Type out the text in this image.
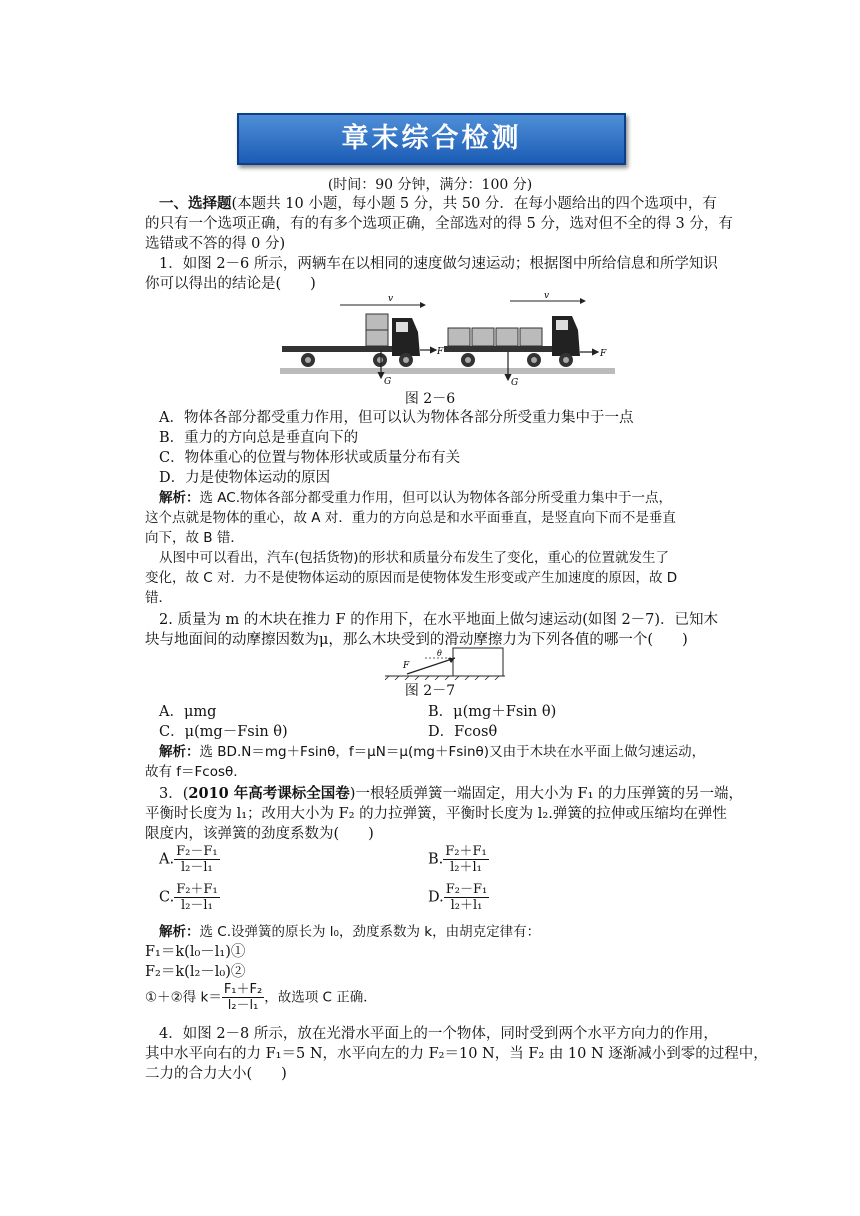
章末综合检测
(时间：90 分钟，满分：100 分)
一、选择题(本题共 10 小题，每小题 5 分，共 50 分．在每小题给出的四个选项中，有
的只有一个选项正确，有的有多个选项正确，全部选对的得 5 分，选对但不全的得 3 分，有
选错或不答的得 0 分)
1．如图 2－6 所示，两辆车在以相同的速度做匀速运动；根据图中所给信息和所学知识
你可以得出的结论是(　　)
v	v
F	F
G	G
图 2－6
A．物体各部分都受重力作用，但可以认为物体各部分所受重力集中于一点
B．重力的方向总是垂直向下的
C．物体重心的位置与物体形状或质量分布有关
D．力是使物体运动的原因
解析：选 AC.物体各部分都受重力作用，但可以认为物体各部分所受重力集中于一点，
这个点就是物体的重心，故 A 对．重力的方向总是和水平面垂直，是竖直向下而不是垂直
向下，故 B 错．
从图中可以看出，汽车(包括货物)的形状和质量分布发生了变化，重心的位置就发生了
变化，故 C 对．力不是使物体运动的原因而是使物体发生形变或产生加速度的原因，故 D
错．
2. 质量为 m 的木块在推力 F 的作用下，在水平地面上做匀速运动(如图 2－7)．已知木
块与地面间的动摩擦因数为μ，那么木块受到的滑动摩擦力为下列各值的哪一个(　　)
F
θ
图 2－7
A．μmg	B．μ(mg＋Fsin θ)
C．μ(mg－Fsin θ)	D．Fcosθ
解析：选 BD.N＝mg＋Fsinθ，f＝μN＝μ(mg＋Fsinθ)又由于木块在水平面上做匀速运动，
故有 f＝Fcosθ.
3．(2010 年高考课标全国卷)一根轻质弹簧一端固定，用大小为 F₁ 的力压弹簧的另一端，
平衡时长度为 l₁；改用大小为 F₂ 的力拉弹簧，平衡时长度为 l₂.弹簧的拉伸或压缩均在弹性
限度内，该弹簧的劲度系数为(　　)
A. $\frac{\text{F₂－F₁}}{\text{l₂－l₁}}$	B. $\frac{\text{F₂＋F₁}}{\text{l₂＋l₁}}$
C. $\frac{\text{F₂＋F₁}}{\text{l₂－l₁}}$	D. $\frac{\text{F₂－F₁}}{\text{l₂＋l₁}}$
解析：选 C.设弹簧的原长为 l₀，劲度系数为 k，由胡克定律有：
F₁＝k(l₀－l₁)①
F₂＝k(l₂－l₀)②
①＋②得 $k= \frac{\text{F₁＋F₂}}{\text{l₂－l₁}}$ ，故选项 C 正确．
4．如图 2－8 所示，放在光滑水平面上的一个物体，同时受到两个水平方向力的作用，
其中水平向右的力 F₁＝5 N，水平向左的力 F₂＝10 N，当 F₂ 由 10 N 逐渐减小到零的过程中，
二力的合力大小(　　)
